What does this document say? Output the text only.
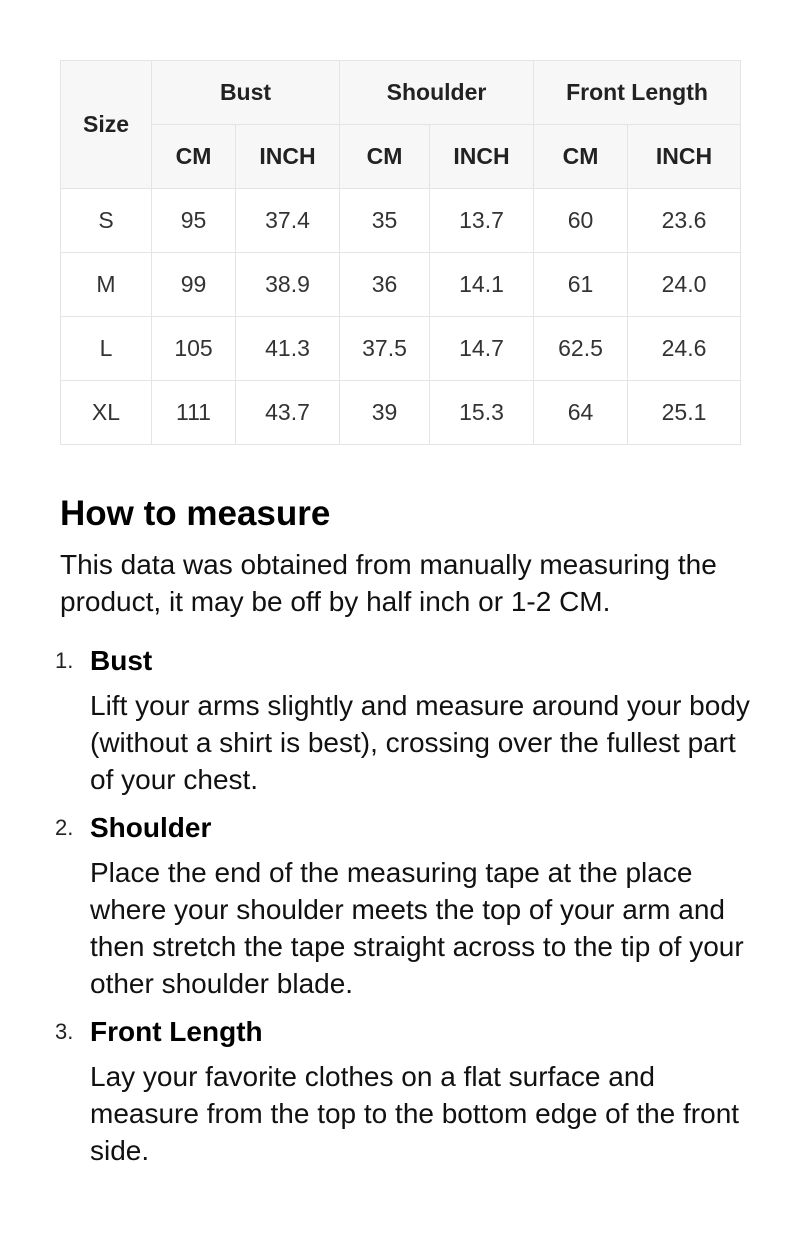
Size	Bust		Shoulder		Front Length	
	CM	INCH	CM	INCH	CM	INCH
S	95	37.4	35	13.7	60	23.6
M	99	38.9	36	14.1	61	24.0
L	105	41.3	37.5	14.7	62.5	24.6
XL	111	43.7	39	15.3	64	25.1
How to measure

This data was obtained from manually measuring the product, it may be off by half inch or 1-2 CM.

1. Bust
Lift your arms slightly and measure around your body (without a shirt is best), crossing over the fullest part of your chest.
2. Shoulder
Place the end of the measuring tape at the place where your shoulder meets the top of your arm and then stretch the tape straight across to the tip of your other shoulder blade.
3. Front Length
Lay your favorite clothes on a flat surface and measure from the top to the bottom edge of the front side.
